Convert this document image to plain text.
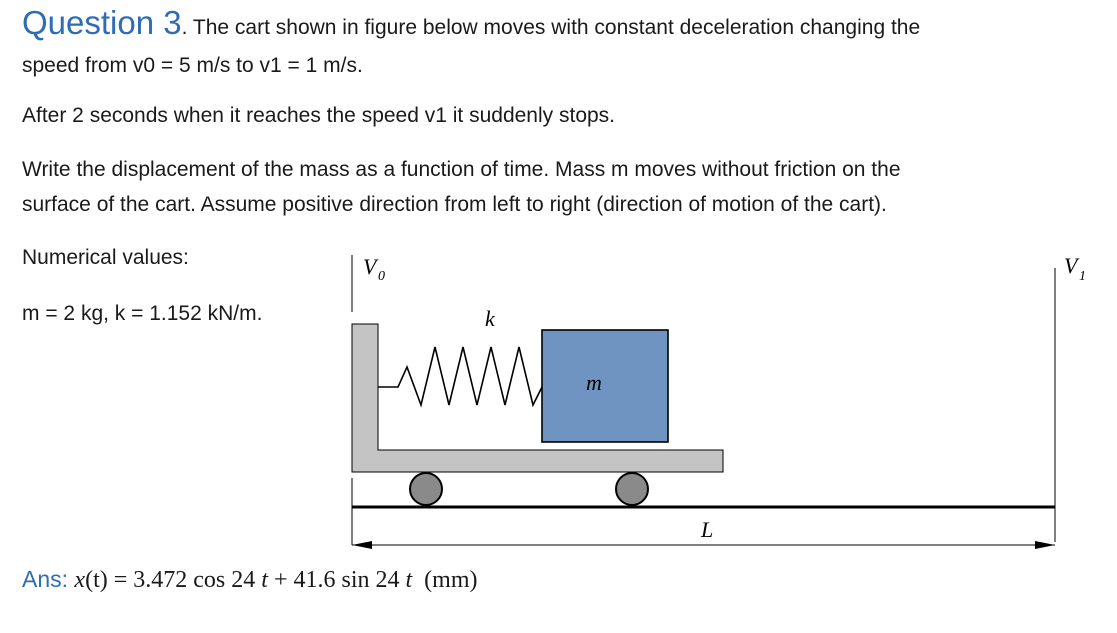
Question 3. The cart shown in figure below moves with constant deceleration changing the
speed from v0 = 5 m/s to v1 = 1 m/s.
After 2 seconds when it reaches the speed v1 it suddenly stops.
Write the displacement of the mass as a function of time. Mass m moves without friction on the
surface of the cart. Assume positive direction from left to right (direction of motion of the cart).
Numerical values:
m = 2 kg, k = 1.152 kN/m.
V 0	V 1
k
m
L
Ans: x(t) = 3.472 cos 24 t + 41.6 sin 24 t  (mm)
